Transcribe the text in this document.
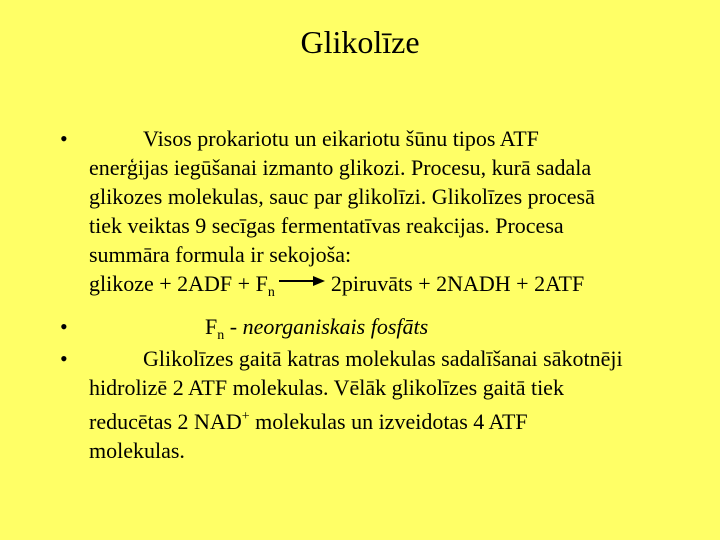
Glikolīze
•	Visos prokariotu un eikariotu šūnu tipos ATF
enerģijas iegūšanai izmanto glikozi. Procesu, kurā sadala
glikozes molekulas, sauc par glikolīzi. Glikolīzes procesā
tiek veiktas 9 secīgas fermentatīvas reakcijas. Procesa
summāra formula ir sekojoša:
glikoze + $2ADF + F_n$ → 2piruvāts + 2NADH + 2ATF
•	$F_n$ - neorganiskais fosfāts
•	Glikolīzes gaitā katras molekulas sadalīšanai sākotnēji
hidrolizē 2 ATF molekulas. Vēlāk glikolīzes gaitā tiek
reducētas 2 NAD+ molekulas un izveidotas 4 ATF
molekulas.
